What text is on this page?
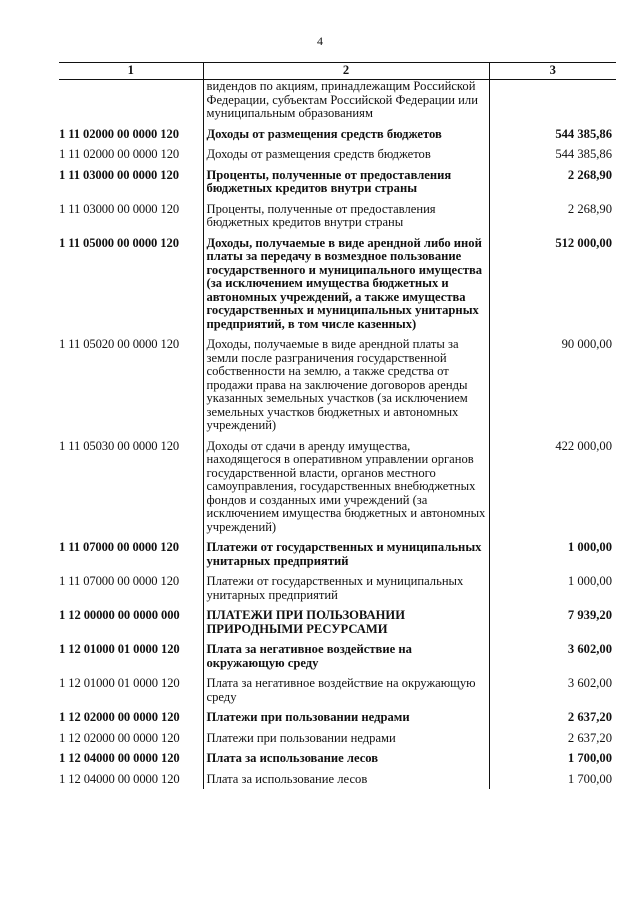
4
1	2	3
	видендов по акциям, принадлежащим Российской Федерации, субъектам Российской Федерации или муниципальным образованиям	
1 11 02000 00 0000 120	Доходы от размещения средств бюджетов	544 385,86
1 11 02000 00 0000 120	Доходы от размещения средств бюджетов	544 385,86
1 11 03000 00 0000 120	Проценты, полученные от предоставления бюджетных кредитов внутри страны	2 268,90
1 11 03000 00 0000 120	Проценты, полученные от предоставления бюджетных кредитов внутри страны	2 268,90
1 11 05000 00 0000 120	Доходы, получаемые в виде арендной либо иной платы за передачу в возмездное пользование государственного и муниципального имущества (за исключением имущества бюджетных и автономных учреждений, а также имущества государственных и муниципальных унитарных предприятий, в том числе казенных)	512 000,00
1 11 05020 00 0000 120	Доходы, получаемые в виде арендной платы за земли после разграничения государственной собственности на землю, а также средства от продажи права на заключение договоров аренды указанных земельных участков (за исключением земельных участков бюджетных и автономных учреждений)	90 000,00
1 11 05030 00 0000 120	Доходы от сдачи в аренду имущества, находящегося в оперативном управлении органов государственной власти, органов местного самоуправления, государственных внебюджетных фондов и созданных ими учреждений (за исключением имущества бюджетных и автономных учреждений)	422 000,00
1 11 07000 00 0000 120	Платежи от государственных и муниципальных унитарных предприятий	1 000,00
1 11 07000 00 0000 120	Платежи от государственных и муниципальных унитарных предприятий	1 000,00
1 12 00000 00 0000 000	ПЛАТЕЖИ ПРИ ПОЛЬЗОВАНИИ ПРИРОДНЫМИ РЕСУРСАМИ	7 939,20
1 12 01000 01 0000 120	Плата за негативное воздействие на окружающую среду	3 602,00
1 12 01000 01 0000 120	Плата за негативное воздействие на окружающую среду	3 602,00
1 12 02000 00 0000 120	Платежи при пользовании недрами	2 637,20
1 12 02000 00 0000 120	Платежи при пользовании недрами	2 637,20
1 12 04000 00 0000 120	Плата за использование лесов	1 700,00
1 12 04000 00 0000 120	Плата за использование лесов	1 700,00
